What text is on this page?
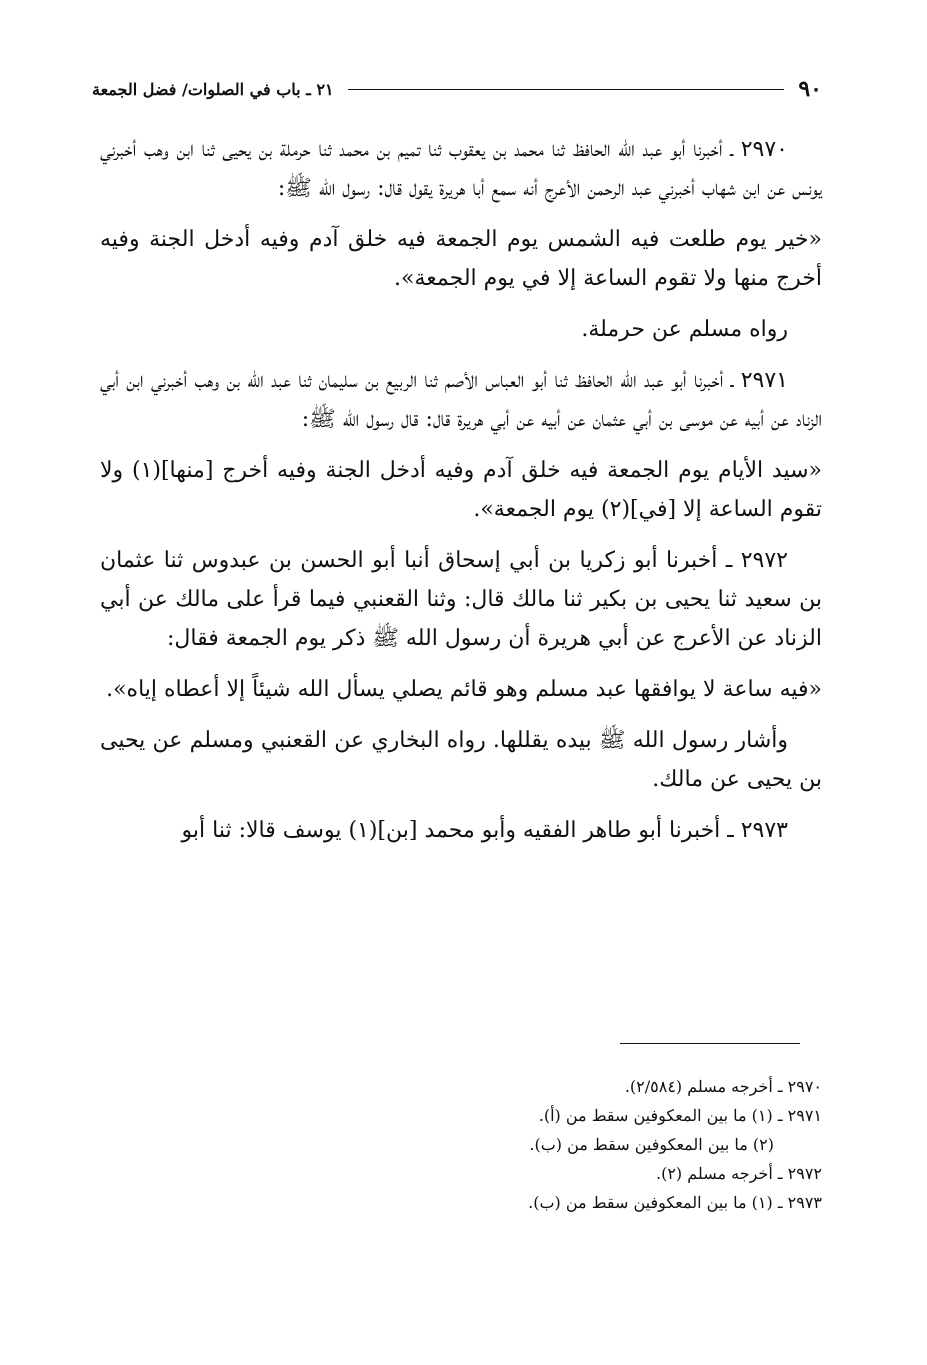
٩٠
٢١ ـ باب في الصلوات/ فضل الجمعة

٢٩٧٠ ـ أخبرنا أبو عبد الله الحافظ ثنا محمد بن يعقوب ثنا تميم بن محمد ثنا حرملة بن يحيى ثنا ابن وهب أخبرني يونس عن ابن شهاب أخبرني عبد الرحمن الأعرج أنه سمع أبا هريرة يقول قال: رسول الله ﷺ:

«خير يوم طلعت فيه الشمس يوم الجمعة فيه خلق آدم وفيه أدخل الجنة وفيه أخرج منها ولا تقوم الساعة إلا في يوم الجمعة».

رواه مسلم عن حرملة.

٢٩٧١ ـ أخبرنا أبو عبد الله الحافظ ثنا أبو العباس الأصم ثنا الربيع بن سليمان ثنا عبد الله بن وهب أخبرني ابن أبي الزناد عن أبيه عن موسى بن أبي عثمان عن أبيه عن أبي هريرة قال: قال رسول الله ﷺ:

«سيد الأيام يوم الجمعة فيه خلق آدم وفيه أدخل الجنة وفيه أخرج [منها](١) ولا تقوم الساعة إلا [في](٢) يوم الجمعة».

٢٩٧٢ ـ أخبرنا أبو زكريا بن أبي إسحاق أنبا أبو الحسن بن عبدوس ثنا عثمان بن سعيد ثنا يحيى بن بكير ثنا مالك قال: وثنا القعنبي فيما قرأ على مالك عن أبي الزناد عن الأعرج عن أبي هريرة أن رسول الله ﷺ ذكر يوم الجمعة فقال:

«فيه ساعة لا يوافقها عبد مسلم وهو قائم يصلي يسأل الله شيئاً إلا أعطاه إياه».

وأشار رسول الله ﷺ بيده يقللها. رواه البخاري عن القعنبي ومسلم عن يحيى بن يحيى عن مالك.

٢٩٧٣ ـ أخبرنا أبو طاهر الفقيه وأبو محمد [بن](١) يوسف قالا: ثنا أبو

٢٩٧٠ ـ أخرجه مسلم (٢/٥٨٤).
٢٩٧١ ـ (١) ما بين المعكوفين سقط من (أ).
(٢) ما بين المعكوفين سقط من (ب).
٢٩٧٢ ـ أخرجه مسلم (٢).
٢٩٧٣ ـ (١) ما بين المعكوفين سقط من (ب).
